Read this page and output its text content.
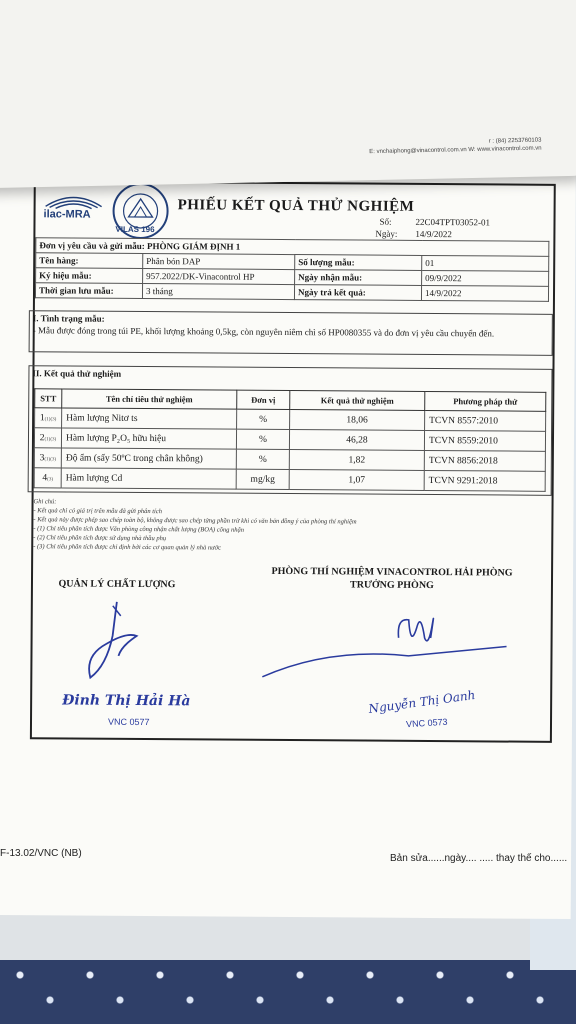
r : (84) 2253760103
E: vnchaiphong@vinacontrol.com.vn W: www.vinacontrol.com.vn
ilac-MRA
VILAS 196
PHIẾU KẾT QUẢ THỬ NGHIỆM
Số:	22C04TPT03052-01
Ngày: 14/9/2022
Đơn vị yêu cầu và gửi mẫu: PHÒNG GIÁM ĐỊNH 1			
Tên hàng:	Phân bón DAP	Số lượng mẫu:	01
Ký hiệu mẫu:	957.2022/DK-Vinacontrol HP	Ngày nhận mẫu:	09/9/2022
Thời gian lưu mẫu:	3 tháng	Ngày trả kết quả:	14/9/2022
I. Tình trạng mẫu:
- Mẫu được đóng trong túi PE, khối lượng khoảng 0,5kg, còn nguyên niêm chì số HP0080355 và do đơn vị yêu cầu chuyển đến.
II. Kết quả thử nghiệm
STT	Tên chỉ tiêu thử nghiệm	Đơn vị	Kết quả thử nghiệm	Phương pháp thử
1(1)(3)	Hàm lượng Nitơ ts	%	18,06	TCVN 8557:2010
2(1)(3)	Hàm lượng P₂O₅ hữu hiệu	%	46,28	TCVN 8559:2010
3(1)(3)	Độ ẩm (sấy 50ºC trong chân không)	%	1,82	TCVN 8856:2018
4(3)	Hàm lượng Cd	mg/kg	1,07	TCVN 9291:2018
Ghi chú:
- Kết quả chỉ có giá trị trên mẫu đã gửi phân tích
- Kết quả này được phép sao chép toàn bộ, không được sao chép từng phần trừ khi có văn bản đồng ý của phòng thí nghiệm
- (1) Chỉ tiêu phân tích được Văn phòng công nhận chất lượng (BOA) công nhận
- (2) Chỉ tiêu phân tích được sử dụng nhà thầu phụ
- (3) Chỉ tiêu phân tích được chỉ định bởi các cơ quan quản lý nhà nước
QUẢN LÝ CHẤT LƯỢNG
PHÒNG THÍ NGHIỆM VINACONTROL HẢI PHÒNG
TRƯỞNG PHÒNG
Đinh Thị Hải Hà
VNC 0577
Nguyễn Thị Oanh
VNC 0573
F-13.02/VNC (NB)	Bản sửa......ngày.... ..... thay thế cho......
